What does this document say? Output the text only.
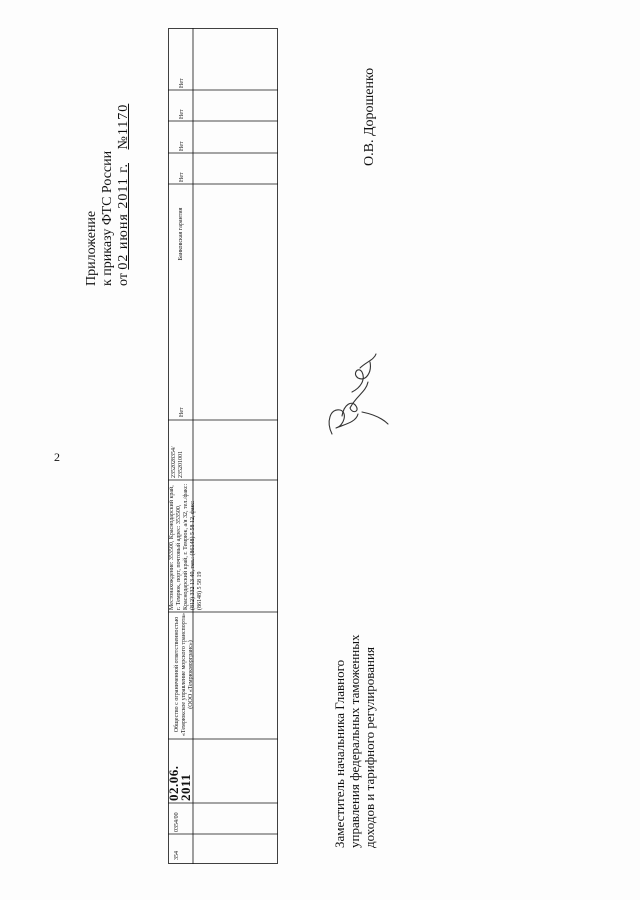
2
Приложение к приказу ФТС России от 02 июня 2011 г. №1170
Нет
Нет
Нет
Нет
Банковская гарантия
Нет
2352028354/ 235201001
Местонахождение: 353500, Краснодарский край, г. Темрюк, порт, почтовый адрес: 353500, Краснодарский край, г. Темрюк, а/я 32, тел./факс: (812) 332 13 40, тел.: (86148) 5 58 12, факс: (86148) 5 58 19
Общество с ограниченной ответственностью «Темрюкское управление морского транспорта» (ООО «Темрюкморгранс»)
02.06.
2011
0354/00
354
Заместитель начальника Главного управления федеральных таможенных доходов и тарифного регулирования
О.В. Дорошенко
